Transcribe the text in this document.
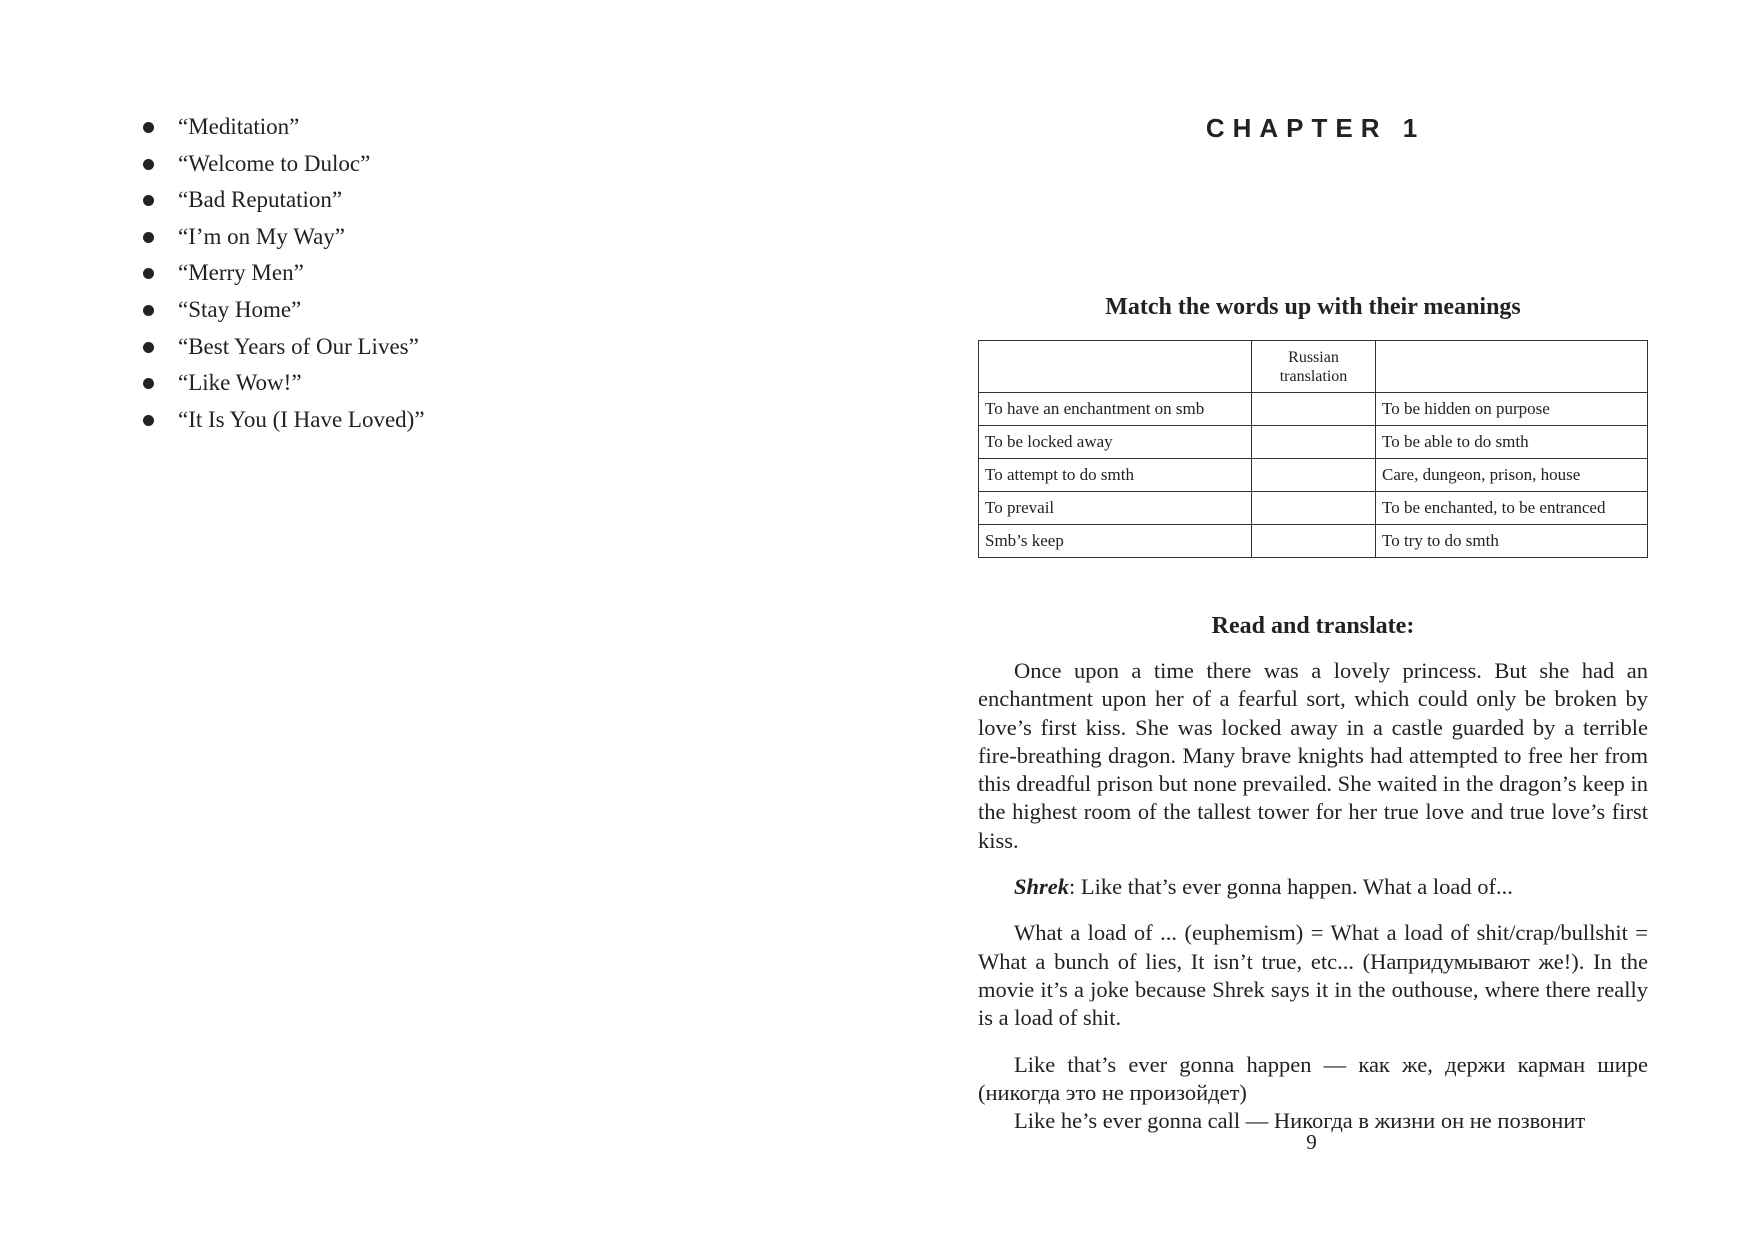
“Meditation”
“Welcome to Duloc”
“Bad Reputation”
“I’m on My Way”
“Merry Men”
“Stay Home”
“Best Years of Our Lives”
“Like Wow!”
“It Is You (I Have Loved)”
CHAPTER 1
Match the words up with their meanings
	Russian translation	
To have an enchantment on smb		To be hidden on purpose
To be locked away		To be able to do smth
To attempt to do smth		Care, dungeon, prison, house
To prevail		To be enchanted, to be entranced
Smb’s keep		To try to do smth
Read and translate:

Once upon a time there was a lovely princess. But she had an enchantment upon her of a fearful sort, which could only be broken by love’s first kiss. She was locked away in a castle guarded by a terrible fire-breathing dragon. Many brave knights had attempted to free her from this dreadful prison but none prevailed. She waited in the dragon’s keep in the highest room of the tallest tower for her true love and true love’s first kiss.

Shrek: Like that’s ever gonna happen. What a load of...

What a load of ... (euphemism) = What a load of shit/crap/bullshit = What a bunch of lies, It isn’t true, etc... (Напридумывают же!). In the movie it’s a joke because Shrek says it in the outhouse, where there really is a load of shit.

Like that’s ever gonna happen — как же, держи карман шире (никогда это не произойдет)

Like he’s ever gonna call — Никогда в жизни он не позвонит

9
